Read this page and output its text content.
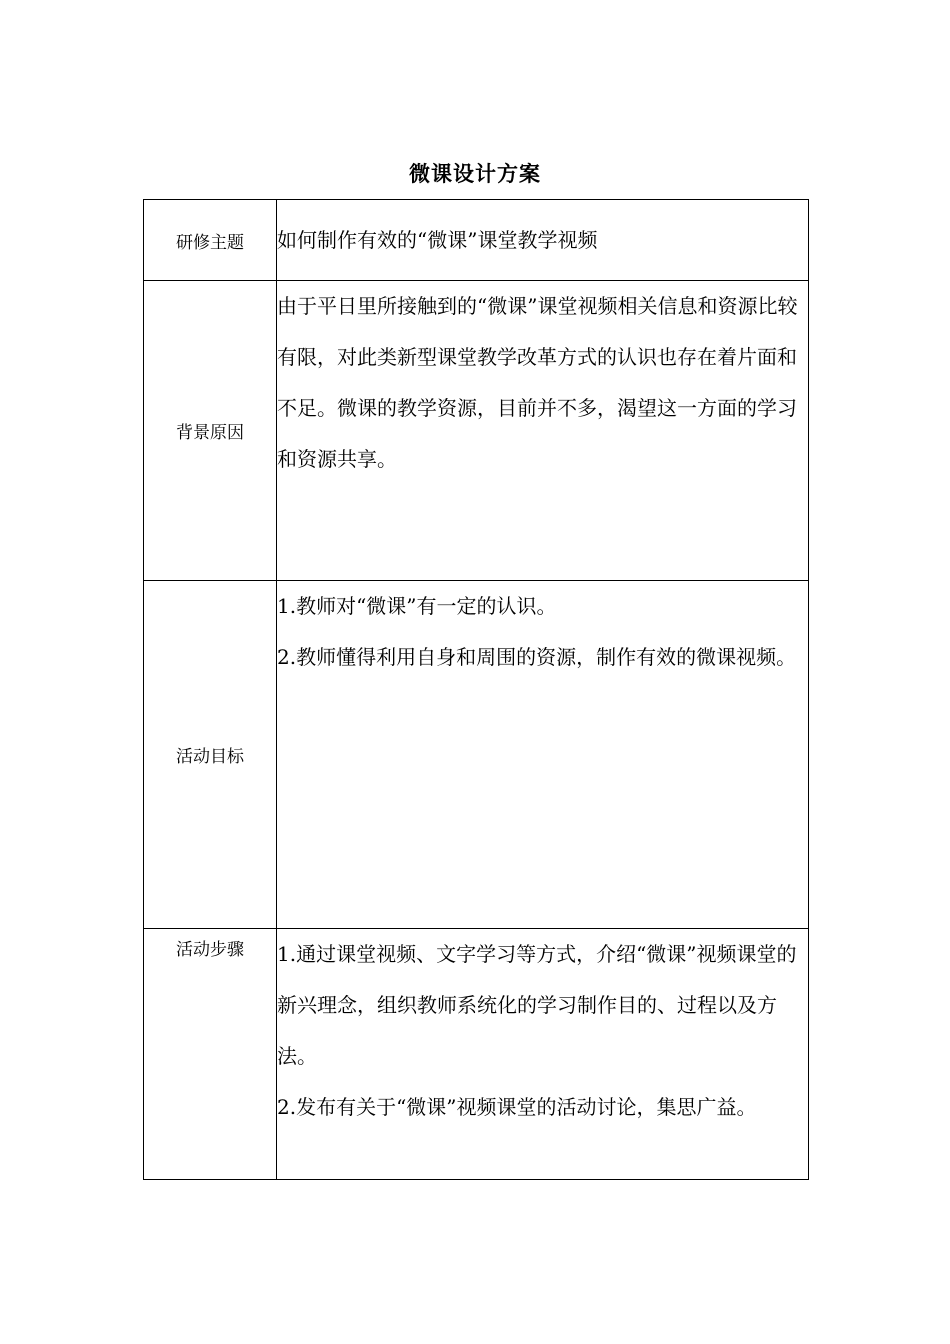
微课设计方案
研修主题	如何制作有效的“微课”课堂教学视频

背景原因	由于平日里所接触到的“微课”课堂视频相关信息和资源比较有限，对此类新型课堂教学改革方式的认识也存在着片面和不足。微课的教学资源，目前并不多，渴望这一方面的学习和资源共享。

活动目标	1.教师对“微课”有一定的认识。

2.教师懂得利用自身和周围的资源，制作有效的微课视频。

活动步骤	1.通过课堂视频、文字学习等方式，介绍“微课”视频课堂的新兴理念，组织教师系统化的学习制作目的、过程以及方法。

2.发布有关于“微课”视频课堂的活动讨论，集思广益。
